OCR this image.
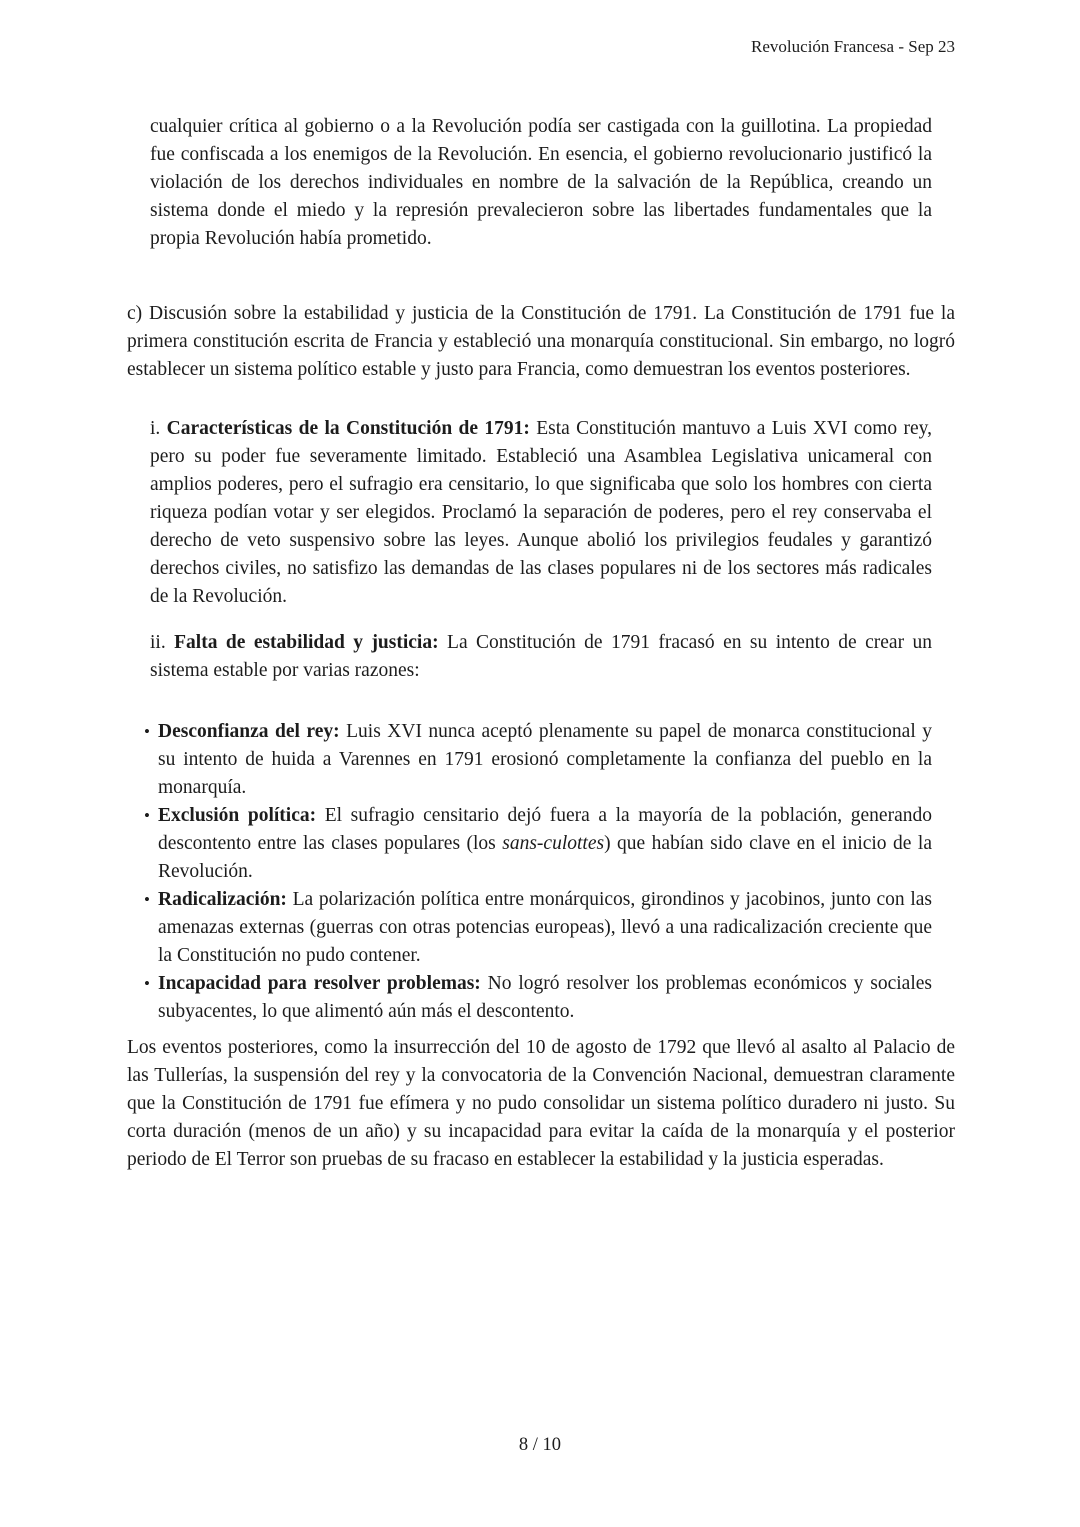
Revolución Francesa - Sep 23

cualquier crítica al gobierno o a la Revolución podía ser castigada con la guillotina. La propiedad fue confiscada a los enemigos de la Revolución. En esencia, el gobierno revolucionario justificó la violación de los derechos individuales en nombre de la salvación de la República, creando un sistema donde el miedo y la represión prevalecieron sobre las libertades fundamentales que la propia Revolución había prometido.

c) Discusión sobre la estabilidad y justicia de la Constitución de 1791. La Constitución de 1791 fue la primera constitución escrita de Francia y estableció una monarquía constitucional. Sin embargo, no logró establecer un sistema político estable y justo para Francia, como demuestran los eventos posteriores.

i. Características de la Constitución de 1791: Esta Constitución mantuvo a Luis XVI como rey, pero su poder fue severamente limitado. Estableció una Asamblea Legislativa unicameral con amplios poderes, pero el sufragio era censitario, lo que significaba que solo los hombres con cierta riqueza podían votar y ser elegidos. Proclamó la separación de poderes, pero el rey conservaba el derecho de veto suspensivo sobre las leyes. Aunque abolió los privilegios feudales y garantizó derechos civiles, no satisfizo las demandas de las clases populares ni de los sectores más radicales de la Revolución.

ii. Falta de estabilidad y justicia: La Constitución de 1791 fracasó en su intento de crear un sistema estable por varias razones:

• Desconfianza del rey: Luis XVI nunca aceptó plenamente su papel de monarca constitucional y su intento de huida a Varennes en 1791 erosionó completamente la confianza del pueblo en la monarquía.
• Exclusión política: El sufragio censitario dejó fuera a la mayoría de la población, generando descontento entre las clases populares (los sans-culottes) que habían sido clave en el inicio de la Revolución.
• Radicalización: La polarización política entre monárquicos, girondinos y jacobinos, junto con las amenazas externas (guerras con otras potencias europeas), llevó a una radicalización creciente que la Constitución no pudo contener.
• Incapacidad para resolver problemas: No logró resolver los problemas económicos y sociales subyacentes, lo que alimentó aún más el descontento.

Los eventos posteriores, como la insurrección del 10 de agosto de 1792 que llevó al asalto al Palacio de las Tullerías, la suspensión del rey y la convocatoria de la Convención Nacional, demuestran claramente que la Constitución de 1791 fue efímera y no pudo consolidar un sistema político duradero ni justo. Su corta duración (menos de un año) y su incapacidad para evitar la caída de la monarquía y el posterior periodo de El Terror son pruebas de su fracaso en establecer la estabilidad y la justicia esperadas.

8 / 10
